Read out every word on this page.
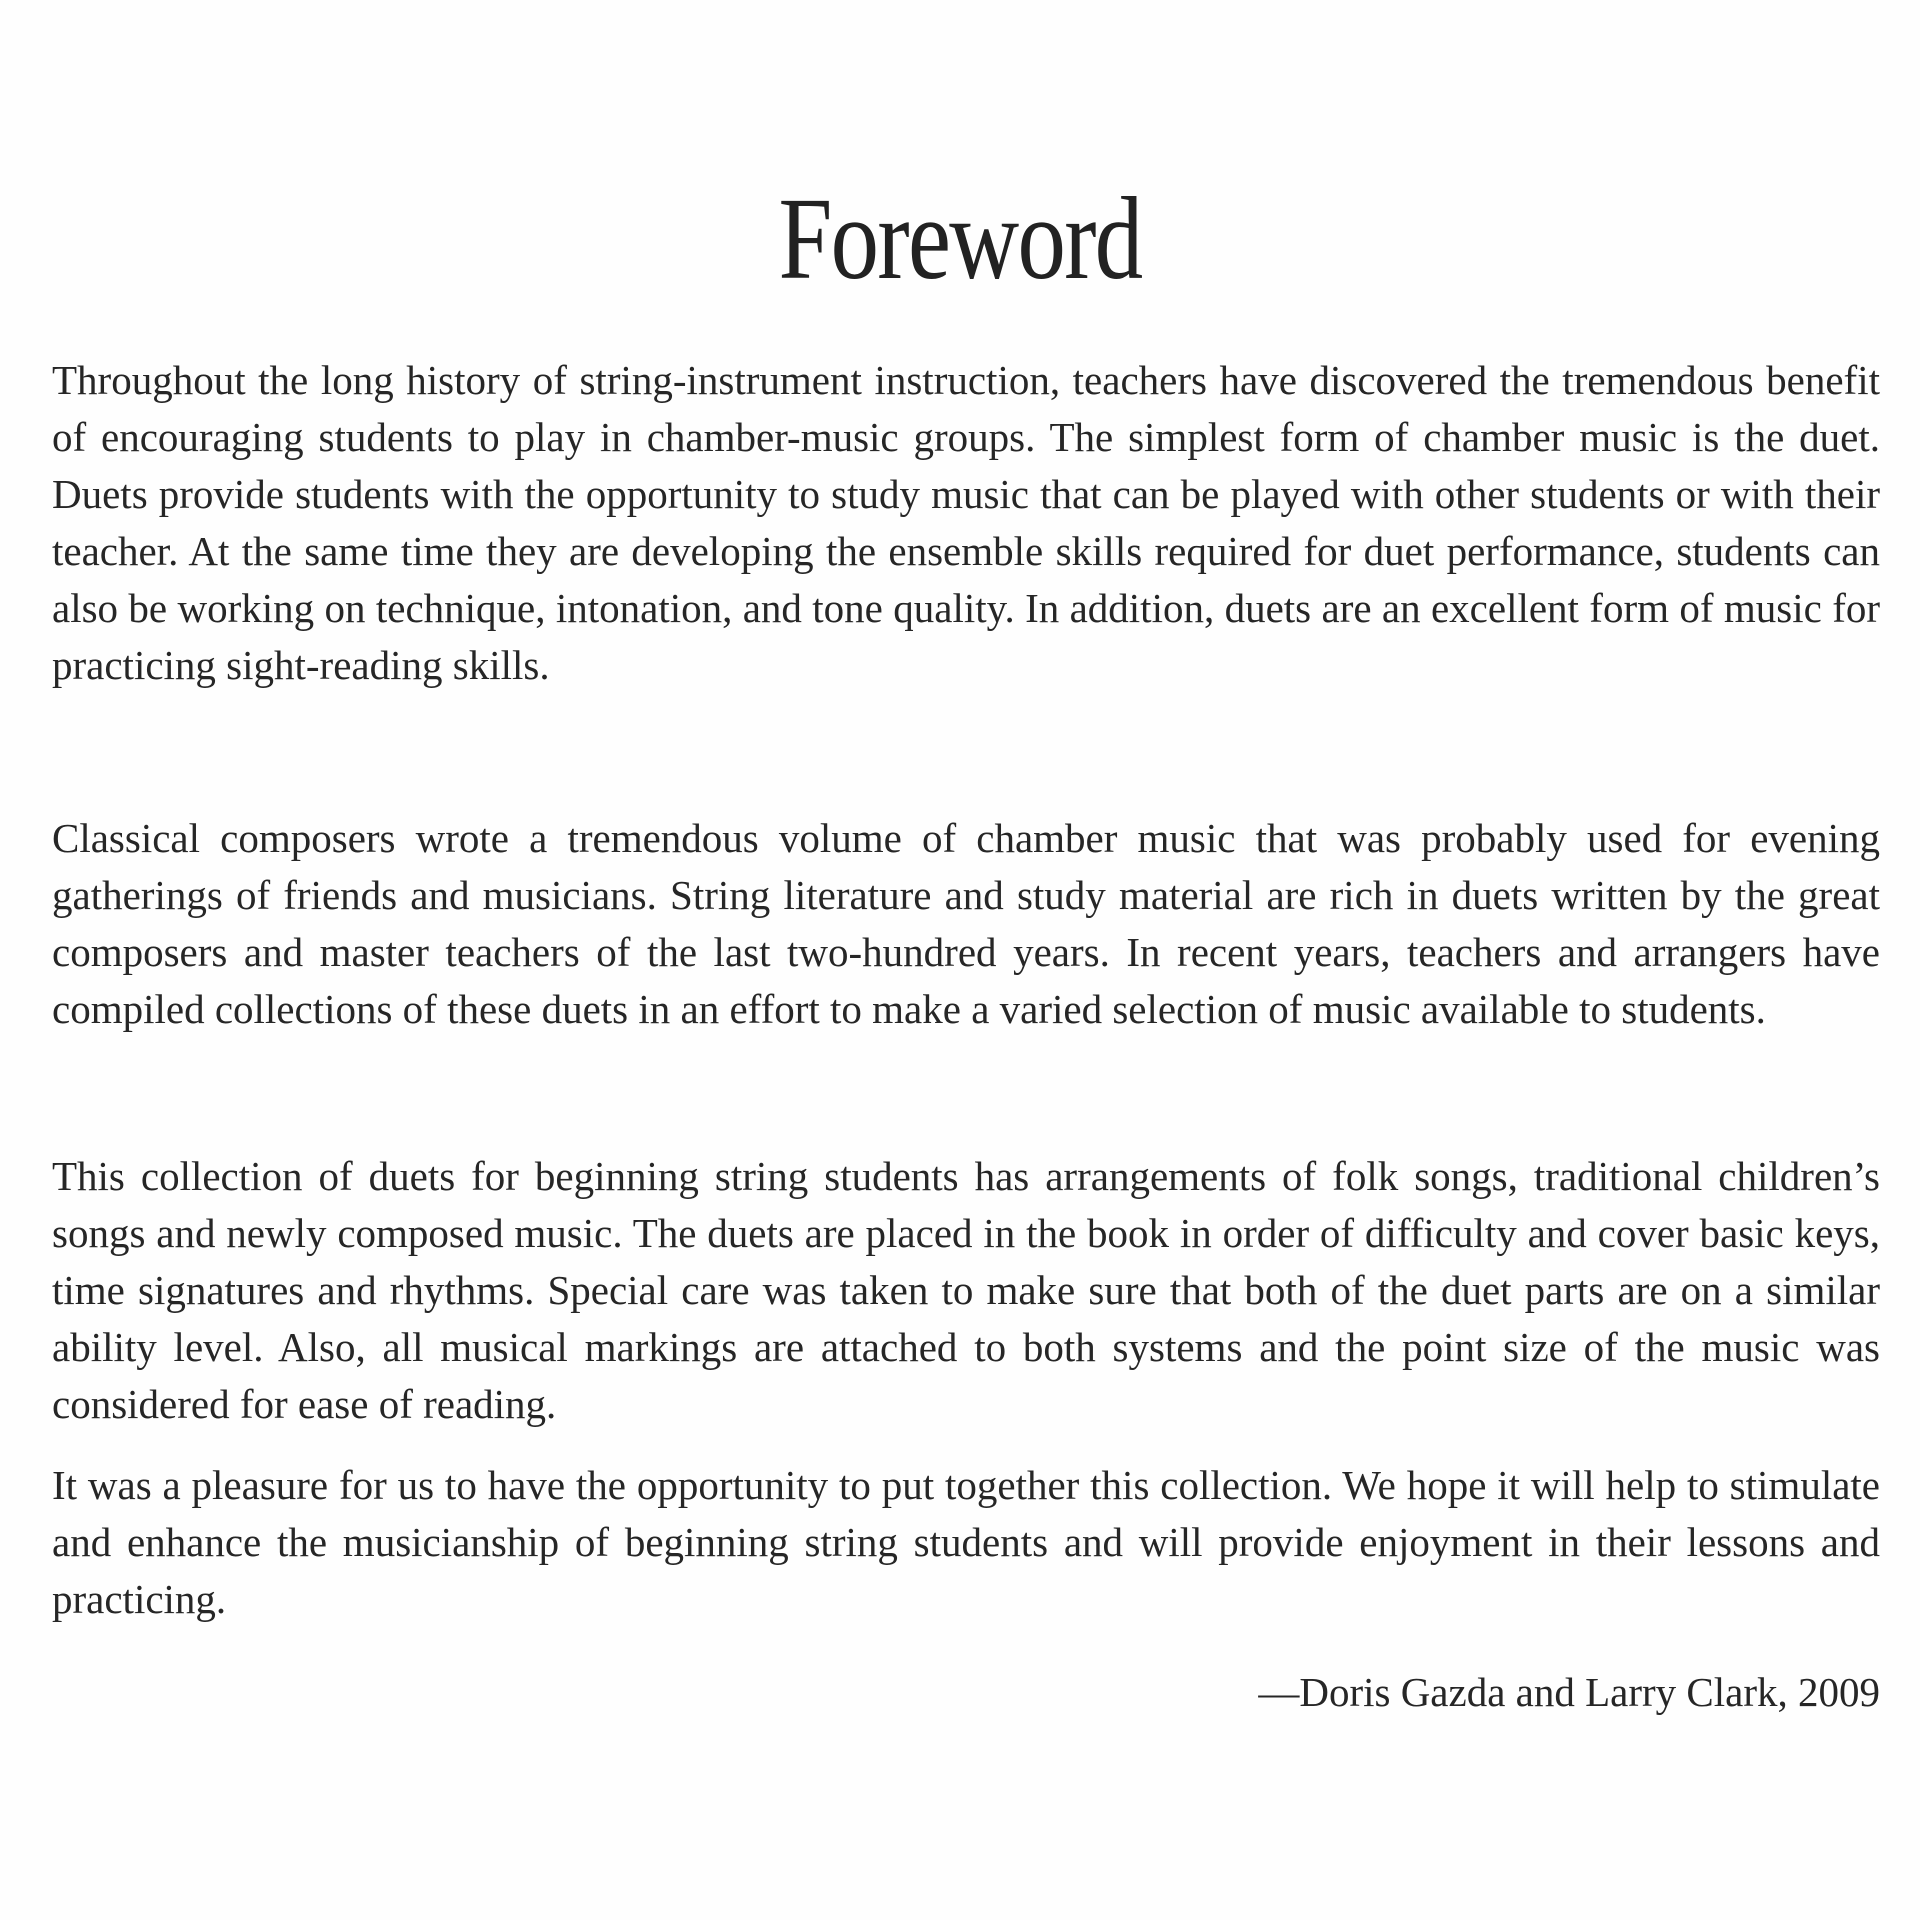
Foreword

Throughout the long history of string-instrument instruction, teachers have discovered the tremendous benefit of encouraging students to play in chamber-music groups. The simplest form of chamber music is the duet. Duets provide students with the opportunity to study music that can be played with other students or with their teacher. At the same time they are developing the ensemble skills required for duet performance, students can also be working on technique, intonation, and tone quality. In addition, duets are an excellent form of music for practicing sight-reading skills.

Classical composers wrote a tremendous volume of chamber music that was probably used for evening gatherings of friends and musicians. String literature and study material are rich in duets written by the great composers and master teachers of the last two-hundred years. In recent years, teachers and arrangers have compiled collections of these duets in an effort to make a varied selection of music available to students.

This collection of duets for beginning string students has arrangements of folk songs, traditional children’s songs and newly composed music. The duets are placed in the book in order of difficulty and cover basic keys, time signatures and rhythms. Special care was taken to make sure that both of the duet parts are on a similar ability level. Also, all musical markings are attached to both systems and the point size of the music was considered for ease of reading.

It was a pleasure for us to have the opportunity to put together this collection. We hope it will help to stimulate and enhance the musicianship of beginning string students and will provide enjoyment in their lessons and practicing.

—Doris Gazda and Larry Clark, 2009
